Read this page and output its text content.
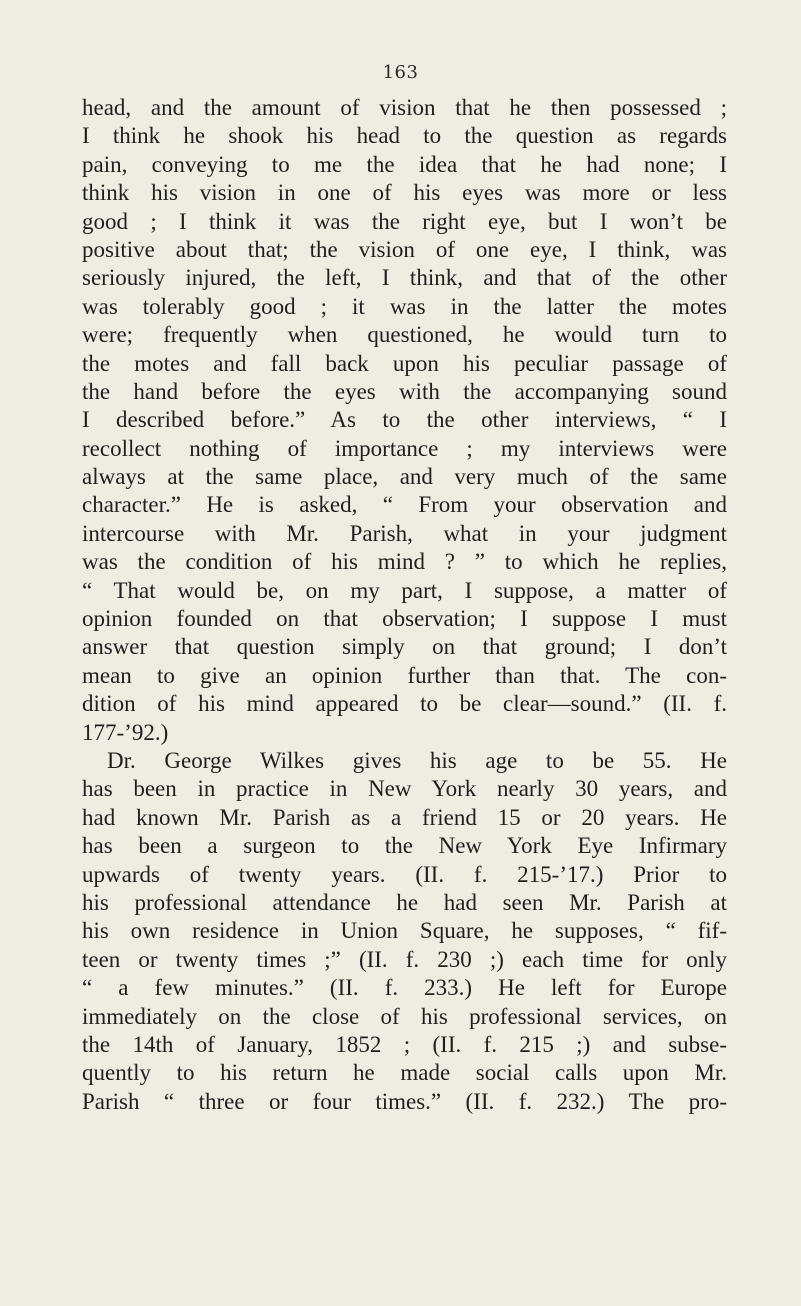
163
head, and the amount of vision that he then possessed ;
I think he shook his head to the question as regards
pain, conveying to me the idea that he had none; I
think his vision in one of his eyes was more or less
good ; I think it was the right eye, but I won’t be
positive about that; the vision of one eye, I think, was
seriously injured, the left, I think, and that of the other
was tolerably good ; it was in the latter the motes
were; frequently when questioned, he would turn to
the motes and fall back upon his peculiar passage of
the hand before the eyes with the accompanying sound
I described before.” As to the other interviews, “ I
recollect nothing of importance ; my interviews were
always at the same place, and very much of the same
character.” He is asked, “ From your observation and
intercourse with Mr. Parish, what in your judgment
was the condition of his mind ? ” to which he replies,
“ That would be, on my part, I suppose, a matter of
opinion founded on that observation; I suppose I must
answer that question simply on that ground; I don’t
mean to give an opinion further than that. The con-
dition of his mind appeared to be clear—sound.” (II. f.
177-’92.)
Dr. George Wilkes gives his age to be 55. He
has been in practice in New York nearly 30 years, and
had known Mr. Parish as a friend 15 or 20 years. He
has been a surgeon to the New York Eye Infirmary
upwards of twenty years. (II. f. 215-’17.) Prior to
his professional attendance he had seen Mr. Parish at
his own residence in Union Square, he supposes, “ fif-
teen or twenty times ;” (II. f. 230 ;) each time for only
“ a few minutes.” (II. f. 233.) He left for Europe
immediately on the close of his professional services, on
the 14th of January, 1852 ; (II. f. 215 ;) and subse-
quently to his return he made social calls upon Mr.
Parish “ three or four times.” (II. f. 232.) The pro-
